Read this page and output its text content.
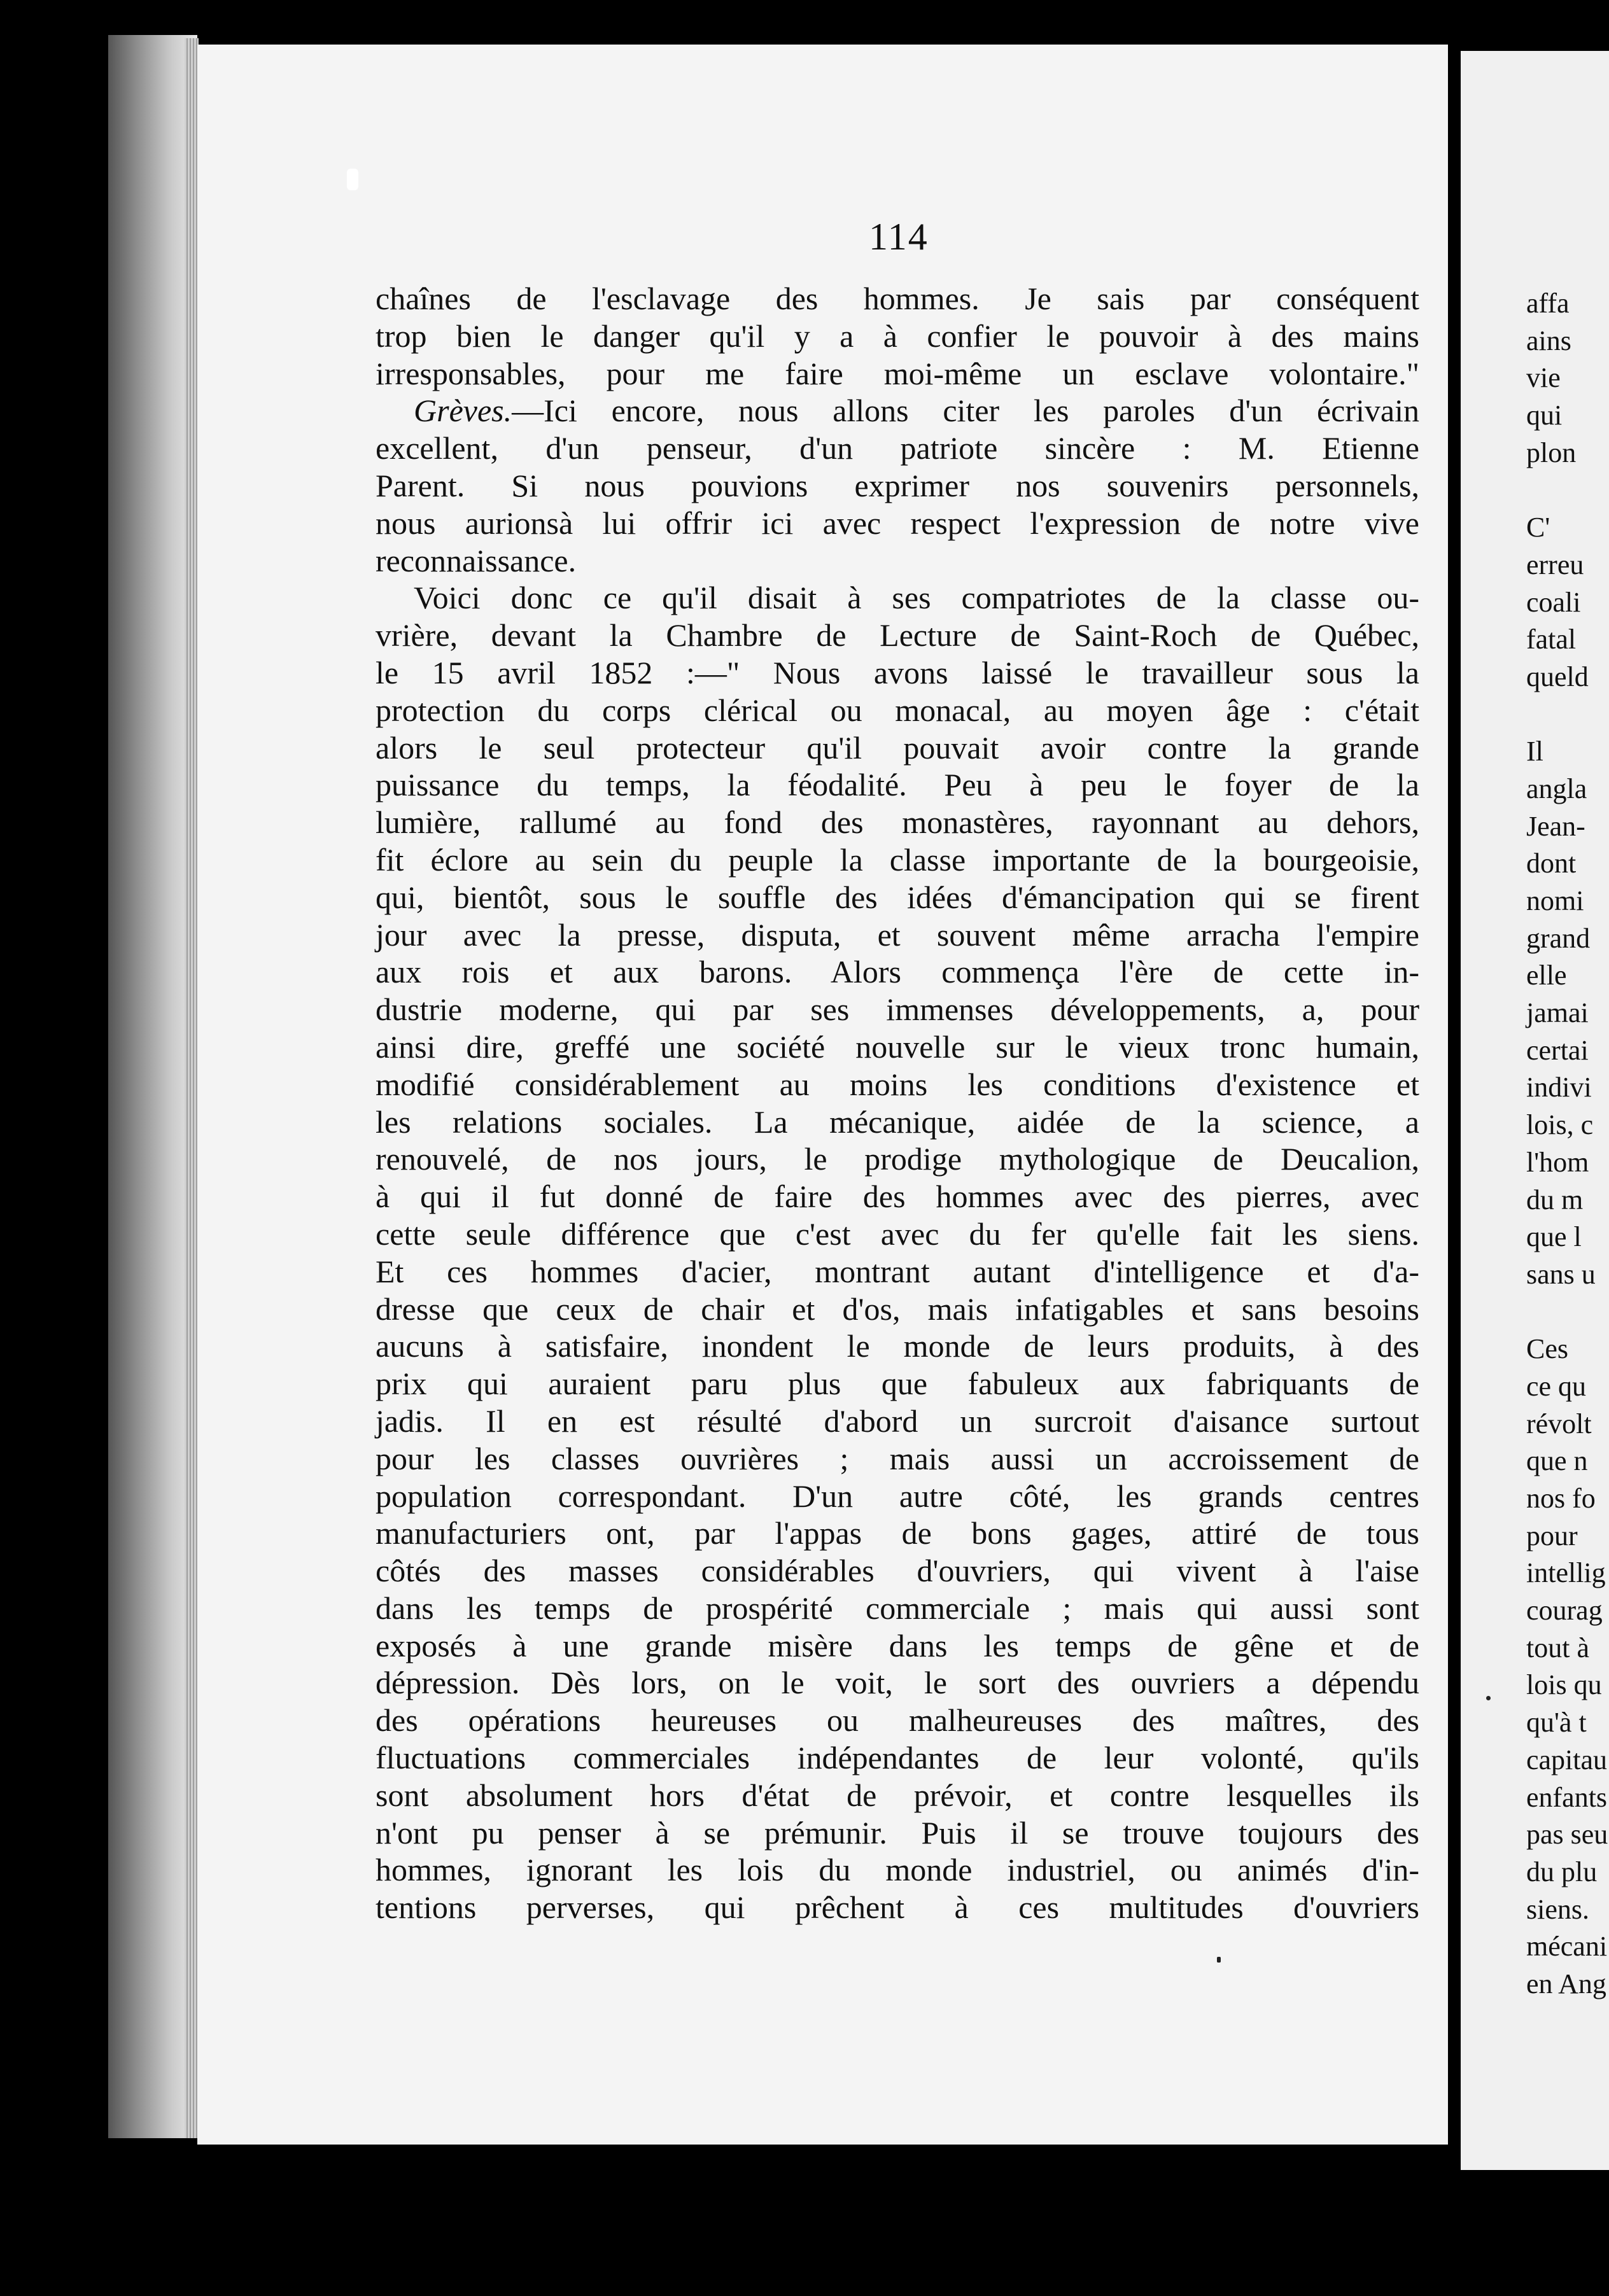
114
chaînes de l'esclavage des hommes. Je sais par conséquent
trop bien le danger qu'il y a à confier le pouvoir à des mains
irresponsables, pour me faire moi-même un esclave volontaire."
Grèves.—Ici encore, nous allons citer les paroles d'un écrivain
excellent, d'un penseur, d'un patriote sincère : M. Etienne
Parent. Si nous pouvions exprimer nos souvenirs personnels,
nous aurionsà lui offrir ici avec respect l'expression de notre vive
reconnaissance.
Voici donc ce qu'il disait à ses compatriotes de la classe ou-
vrière, devant la Chambre de Lecture de Saint-Roch de Québec,
le 15 avril 1852 :—" Nous avons laissé le travailleur sous la
protection du corps clérical ou monacal, au moyen âge : c'était
alors le seul protecteur qu'il pouvait avoir contre la grande
puissance du temps, la féodalité. Peu à peu le foyer de la
lumière, rallumé au fond des monastères, rayonnant au dehors,
fit éclore au sein du peuple la classe importante de la bourgeoisie,
qui, bientôt, sous le souffle des idées d'émancipation qui se firent
jour avec la presse, disputa, et souvent même arracha l'empire
aux rois et aux barons. Alors commença l'ère de cette in-
dustrie moderne, qui par ses immenses développements, a, pour
ainsi dire, greffé une société nouvelle sur le vieux tronc humain,
modifié considérablement au moins les conditions d'existence et
les relations sociales. La mécanique, aidée de la science, a
renouvelé, de nos jours, le prodige mythologique de Deucalion,
à qui il fut donné de faire des hommes avec des pierres, avec
cette seule différence que c'est avec du fer qu'elle fait les siens.
Et ces hommes d'acier, montrant autant d'intelligence et d'a-
dresse que ceux de chair et d'os, mais infatigables et sans besoins
aucuns à satisfaire, inondent le monde de leurs produits, à des
prix qui auraient paru plus que fabuleux aux fabriquants de
jadis. Il en est résulté d'abord un surcroit d'aisance surtout
pour les classes ouvrières ; mais aussi un accroissement de
population correspondant. D'un autre côté, les grands centres
manufacturiers ont, par l'appas de bons gages, attiré de tous
côtés des masses considérables d'ouvriers, qui vivent à l'aise
dans les temps de prospérité commerciale ; mais qui aussi sont
exposés à une grande misère dans les temps de gêne et de
dépression. Dès lors, on le voit, le sort des ouvriers a dépendu
des opérations heureuses ou malheureuses des maîtres, des
fluctuations commerciales indépendantes de leur volonté, qu'ils
sont absolument hors d'état de prévoir, et contre lesquelles ils
n'ont pu penser à se prémunir. Puis il se trouve toujours des
hommes, ignorant les lois du monde industriel, ou animés d'in-
tentions perverses, qui prêchent à ces multitudes d'ouvriers
affa
ains
vie
qui
plon
C'
erreu
coali
fatal
queld
Il
angla
Jean-
dont
nomi
grand
elle
jamai
certai
indivi
lois, c
l'hom
du m
que l
sans u
Ces
ce qu
révolt
que n
nos fo
pour
intellig
courag
tout à
lois qu
qu'à t
capitau
enfants
pas seu
du plu
siens.
mécani
en Ang
